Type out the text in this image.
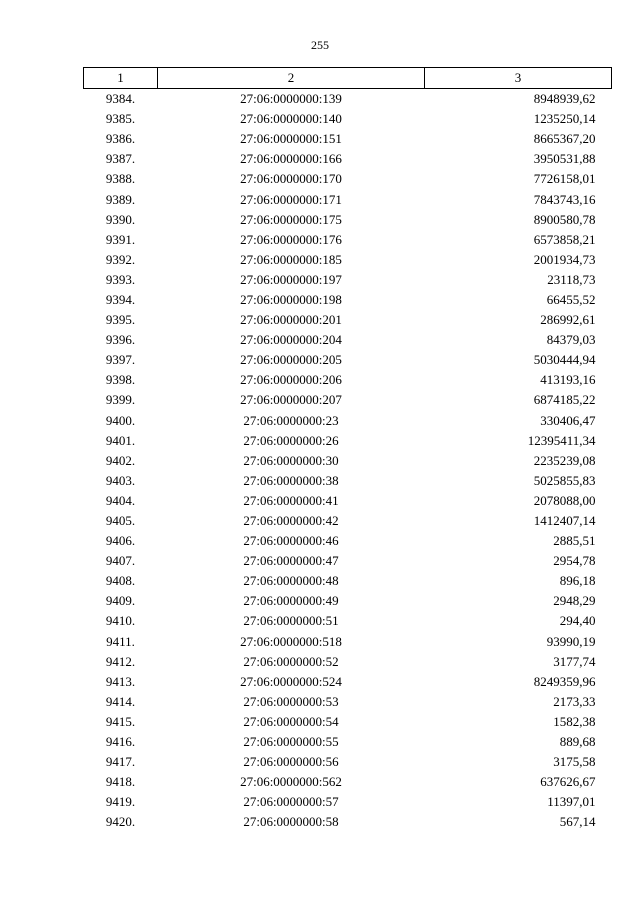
255
1	2	3
9384.	27:06:0000000:139	8948939,62
9385.	27:06:0000000:140	1235250,14
9386.	27:06:0000000:151	8665367,20
9387.	27:06:0000000:166	3950531,88
9388.	27:06:0000000:170	7726158,01
9389.	27:06:0000000:171	7843743,16
9390.	27:06:0000000:175	8900580,78
9391.	27:06:0000000:176	6573858,21
9392.	27:06:0000000:185	2001934,73
9393.	27:06:0000000:197	23118,73
9394.	27:06:0000000:198	66455,52
9395.	27:06:0000000:201	286992,61
9396.	27:06:0000000:204	84379,03
9397.	27:06:0000000:205	5030444,94
9398.	27:06:0000000:206	413193,16
9399.	27:06:0000000:207	6874185,22
9400.	27:06:0000000:23	330406,47
9401.	27:06:0000000:26	12395411,34
9402.	27:06:0000000:30	2235239,08
9403.	27:06:0000000:38	5025855,83
9404.	27:06:0000000:41	2078088,00
9405.	27:06:0000000:42	1412407,14
9406.	27:06:0000000:46	2885,51
9407.	27:06:0000000:47	2954,78
9408.	27:06:0000000:48	896,18
9409.	27:06:0000000:49	2948,29
9410.	27:06:0000000:51	294,40
9411.	27:06:0000000:518	93990,19
9412.	27:06:0000000:52	3177,74
9413.	27:06:0000000:524	8249359,96
9414.	27:06:0000000:53	2173,33
9415.	27:06:0000000:54	1582,38
9416.	27:06:0000000:55	889,68
9417.	27:06:0000000:56	3175,58
9418.	27:06:0000000:562	637626,67
9419.	27:06:0000000:57	11397,01
9420.	27:06:0000000:58	567,14
